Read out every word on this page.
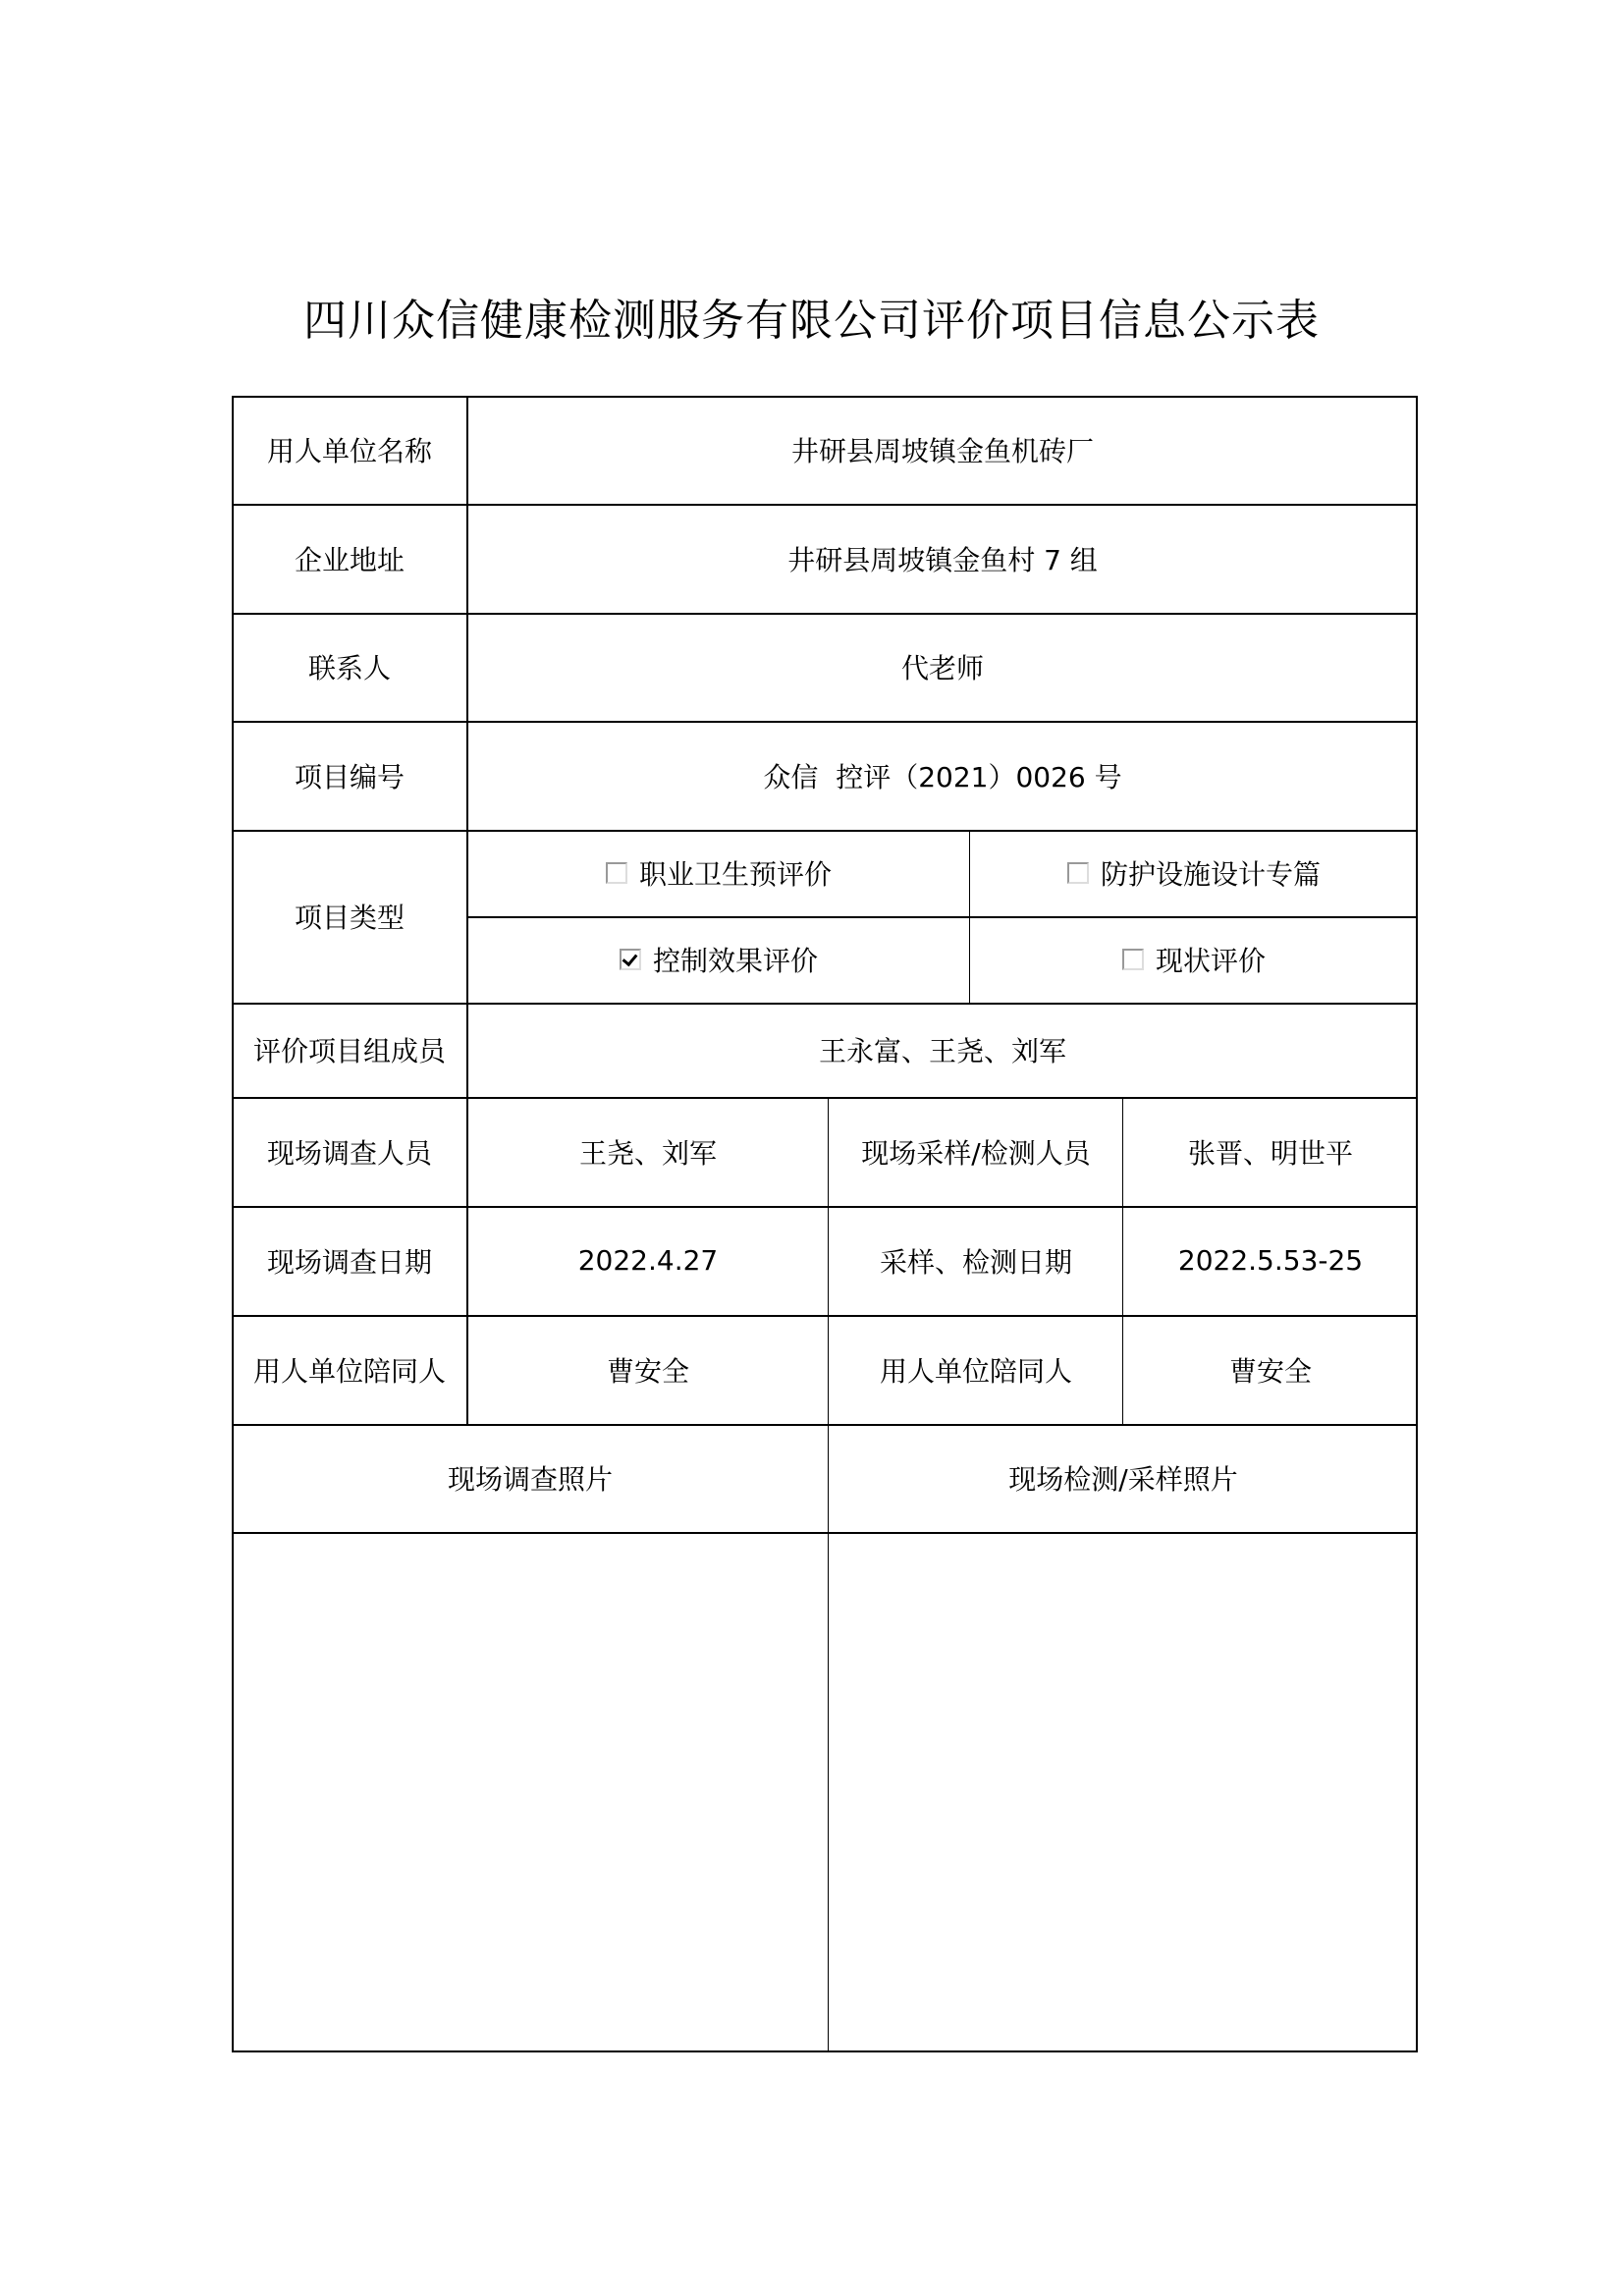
四川众信健康检测服务有限公司评价项目信息公示表
用人单位名称	井研县周坡镇金鱼机砖厂
企业地址	井研县周坡镇金鱼村 7 组
联系人	代老师
项目编号	众信  控评（2021）0026 号
项目类型
职业卫生预评价	防护设施设计专篇
控制效果评价	现状评价
评价项目组成员	王永富、王尧、刘军
现场调查人员	王尧、刘军	现场采样/检测人员	张晋、明世平
现场调查日期	2022.4.27	采样、检测日期	2022.5.53-25
用人单位陪同人	曹安全	用人单位陪同人	曹安全
现场调查照片	现场检测/采样照片
